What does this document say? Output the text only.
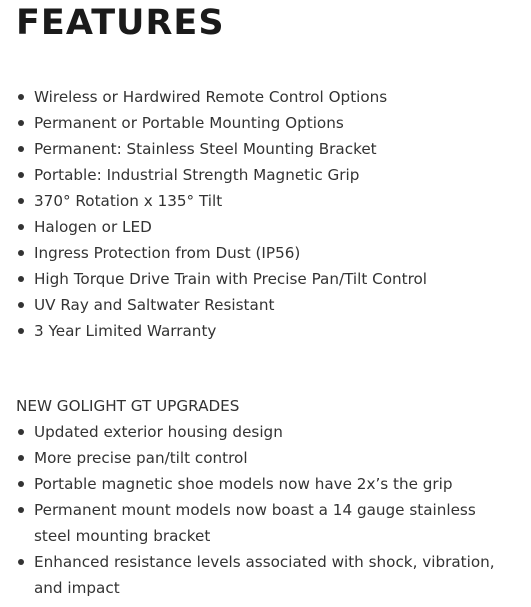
FEATURES
Wireless or Hardwired Remote Control Options
Permanent or Portable Mounting Options
Permanent: Stainless Steel Mounting Bracket
Portable: Industrial Strength Magnetic Grip
370° Rotation x 135° Tilt
Halogen or LED
Ingress Protection from Dust (IP56)
High Torque Drive Train with Precise Pan/Tilt Control
UV Ray and Saltwater Resistant
3 Year Limited Warranty
NEW GOLIGHT GT UPGRADES
Updated exterior housing design
More precise pan/tilt control
Portable magnetic shoe models now have 2x’s the grip
Permanent mount models now boast a 14 gauge stainless steel mounting bracket
Enhanced resistance levels associated with shock, vibration, and impact
